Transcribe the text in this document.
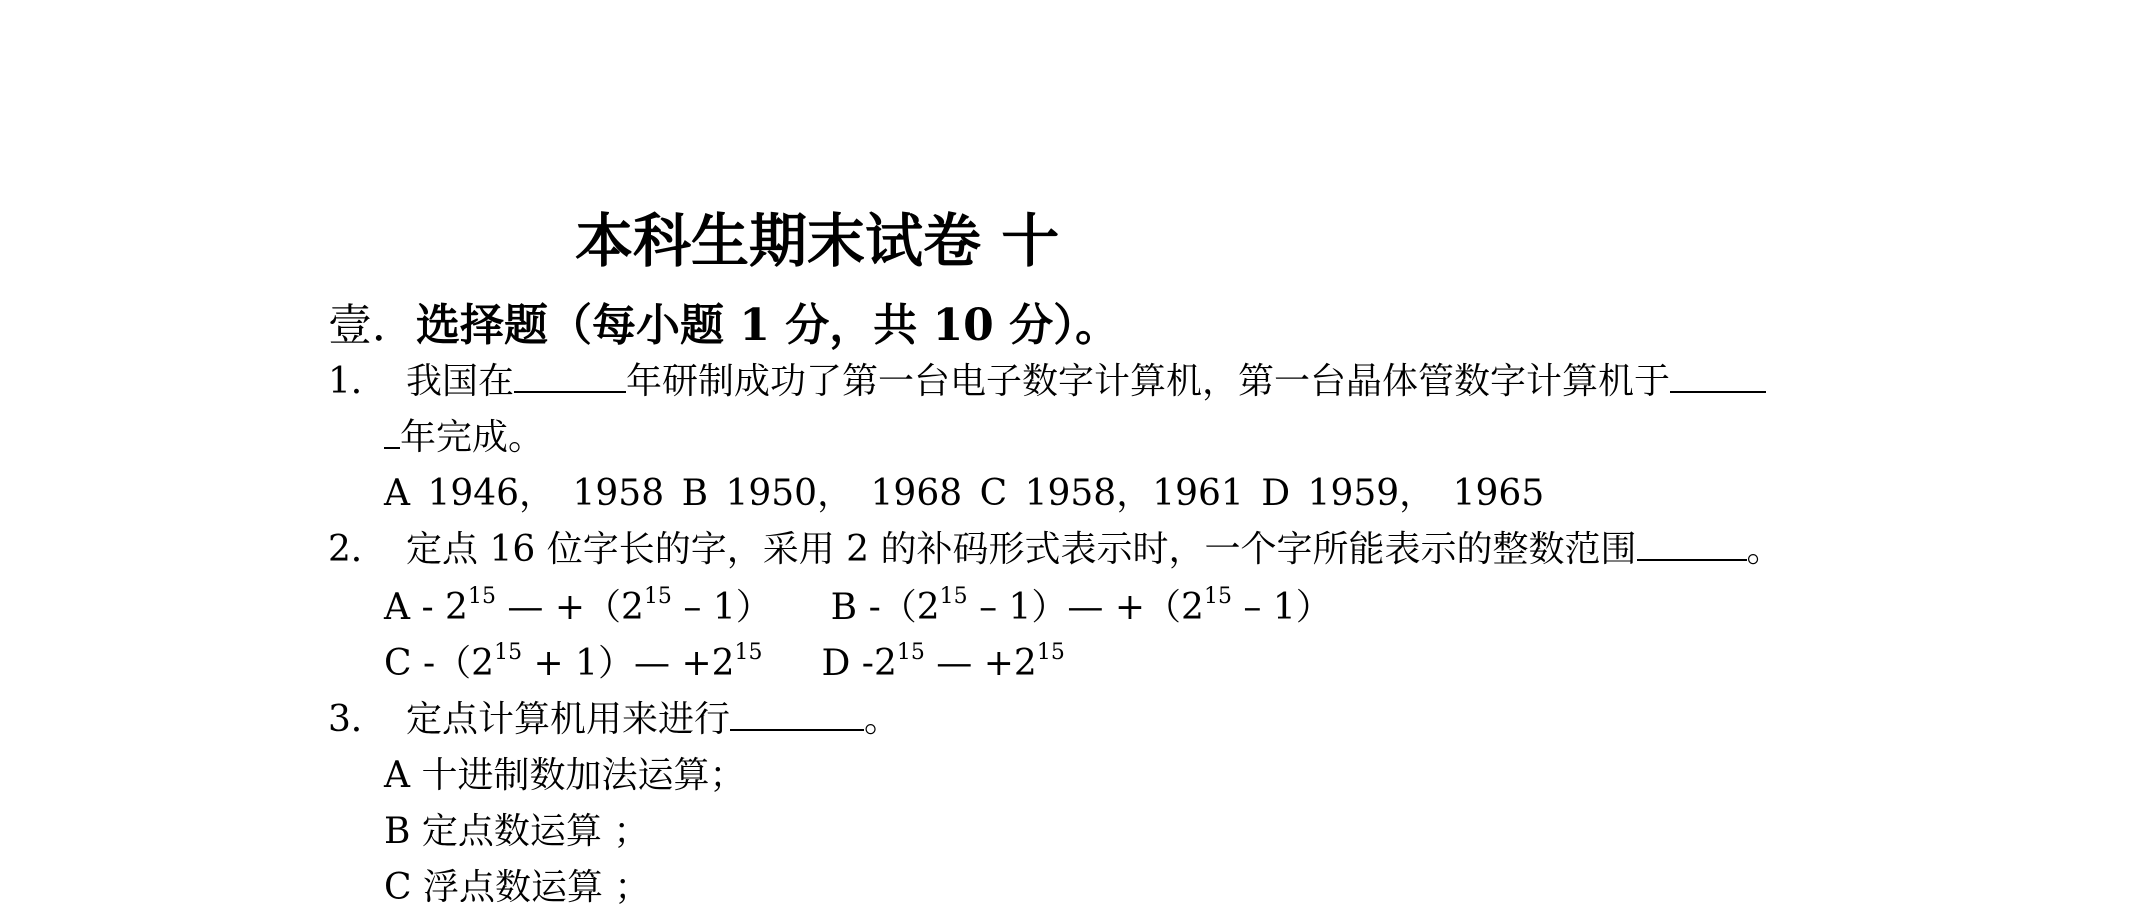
本科生期末试卷 十
壹．选择题（每小题 1 分，共 10 分）。
1． 我国在	年研制成功了第一台电子数字计算机，第一台晶体管数字计算机于
年完成。
A 1946， 1958 B 1950， 1968 C 1958，1961 D 1959， 1965
2． 定点 16 位字长的字，采用 2 的补码形式表示时，一个字所能表示的整数范围	。
A - $2^{15}$ — $+(2^{15} - 1)$ B $-(2^{15}$ – 1）— $+(2^{15} - 1)$
C $-(2^{15}$ + 1）— $+2^{15}$ D $-2^{15}$ — $+2^{15}$
3． 定点计算机用来进行	。
A 十进制数加法运算；
B 定点数运算 ；
C 浮点数运算 ；
